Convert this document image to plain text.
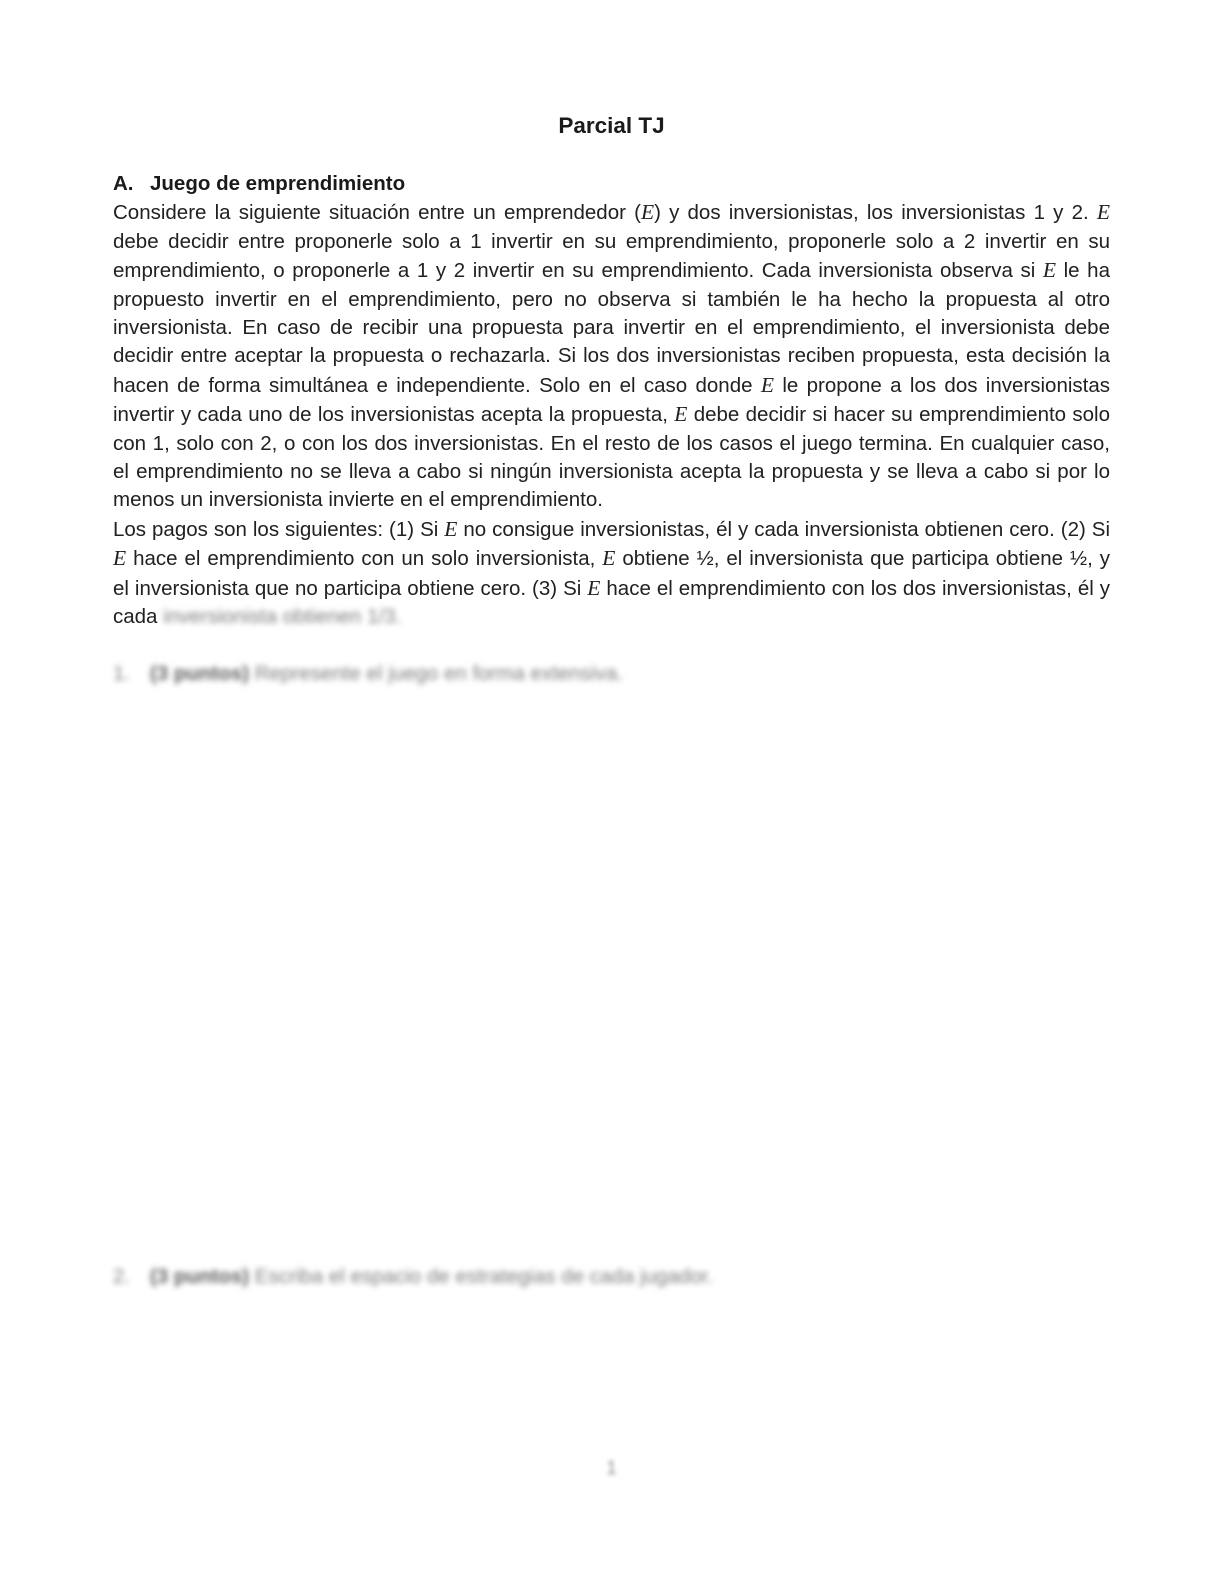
Parcial TJ
A. Juego de emprendimiento

Considere la siguiente situación entre un emprendedor (E) y dos inversionistas, los inversionistas 1 y 2. E debe decidir entre proponerle solo a 1 invertir en su emprendimiento, proponerle solo a 2 invertir en su emprendimiento, o proponerle a 1 y 2 invertir en su emprendimiento. Cada inversionista observa si E le ha propuesto invertir en el emprendimiento, pero no observa si también le ha hecho la propuesta al otro inversionista. En caso de recibir una propuesta para invertir en el emprendimiento, el inversionista debe decidir entre aceptar la propuesta o rechazarla. Si los dos inversionistas reciben propuesta, esta decisión la hacen de forma simultánea e independiente. Solo en el caso donde E le propone a los dos inversionistas invertir y cada uno de los inversionistas acepta la propuesta, E debe decidir si hacer su emprendimiento solo con 1, solo con 2, o con los dos inversionistas. En el resto de los casos el juego termina. En cualquier caso, el emprendimiento no se lleva a cabo si ningún inversionista acepta la propuesta y se lleva a cabo si por lo menos un inversionista invierte en el emprendimiento.

Los pagos son los siguientes: (1) Si E no consigue inversionistas, él y cada inversionista obtienen cero. (2) Si E hace el emprendimiento con un solo inversionista, E obtiene ½, el inversionista que participa obtiene ½, y el inversionista que no participa obtiene cero. (3) Si E hace el emprendimiento con los dos inversionistas, él y cada inversionista obtienen 1/3.

1. (3 puntos) Represente el juego en forma extensiva.
2. (3 puntos) Escriba el espacio de estrategias de cada jugador.
1
